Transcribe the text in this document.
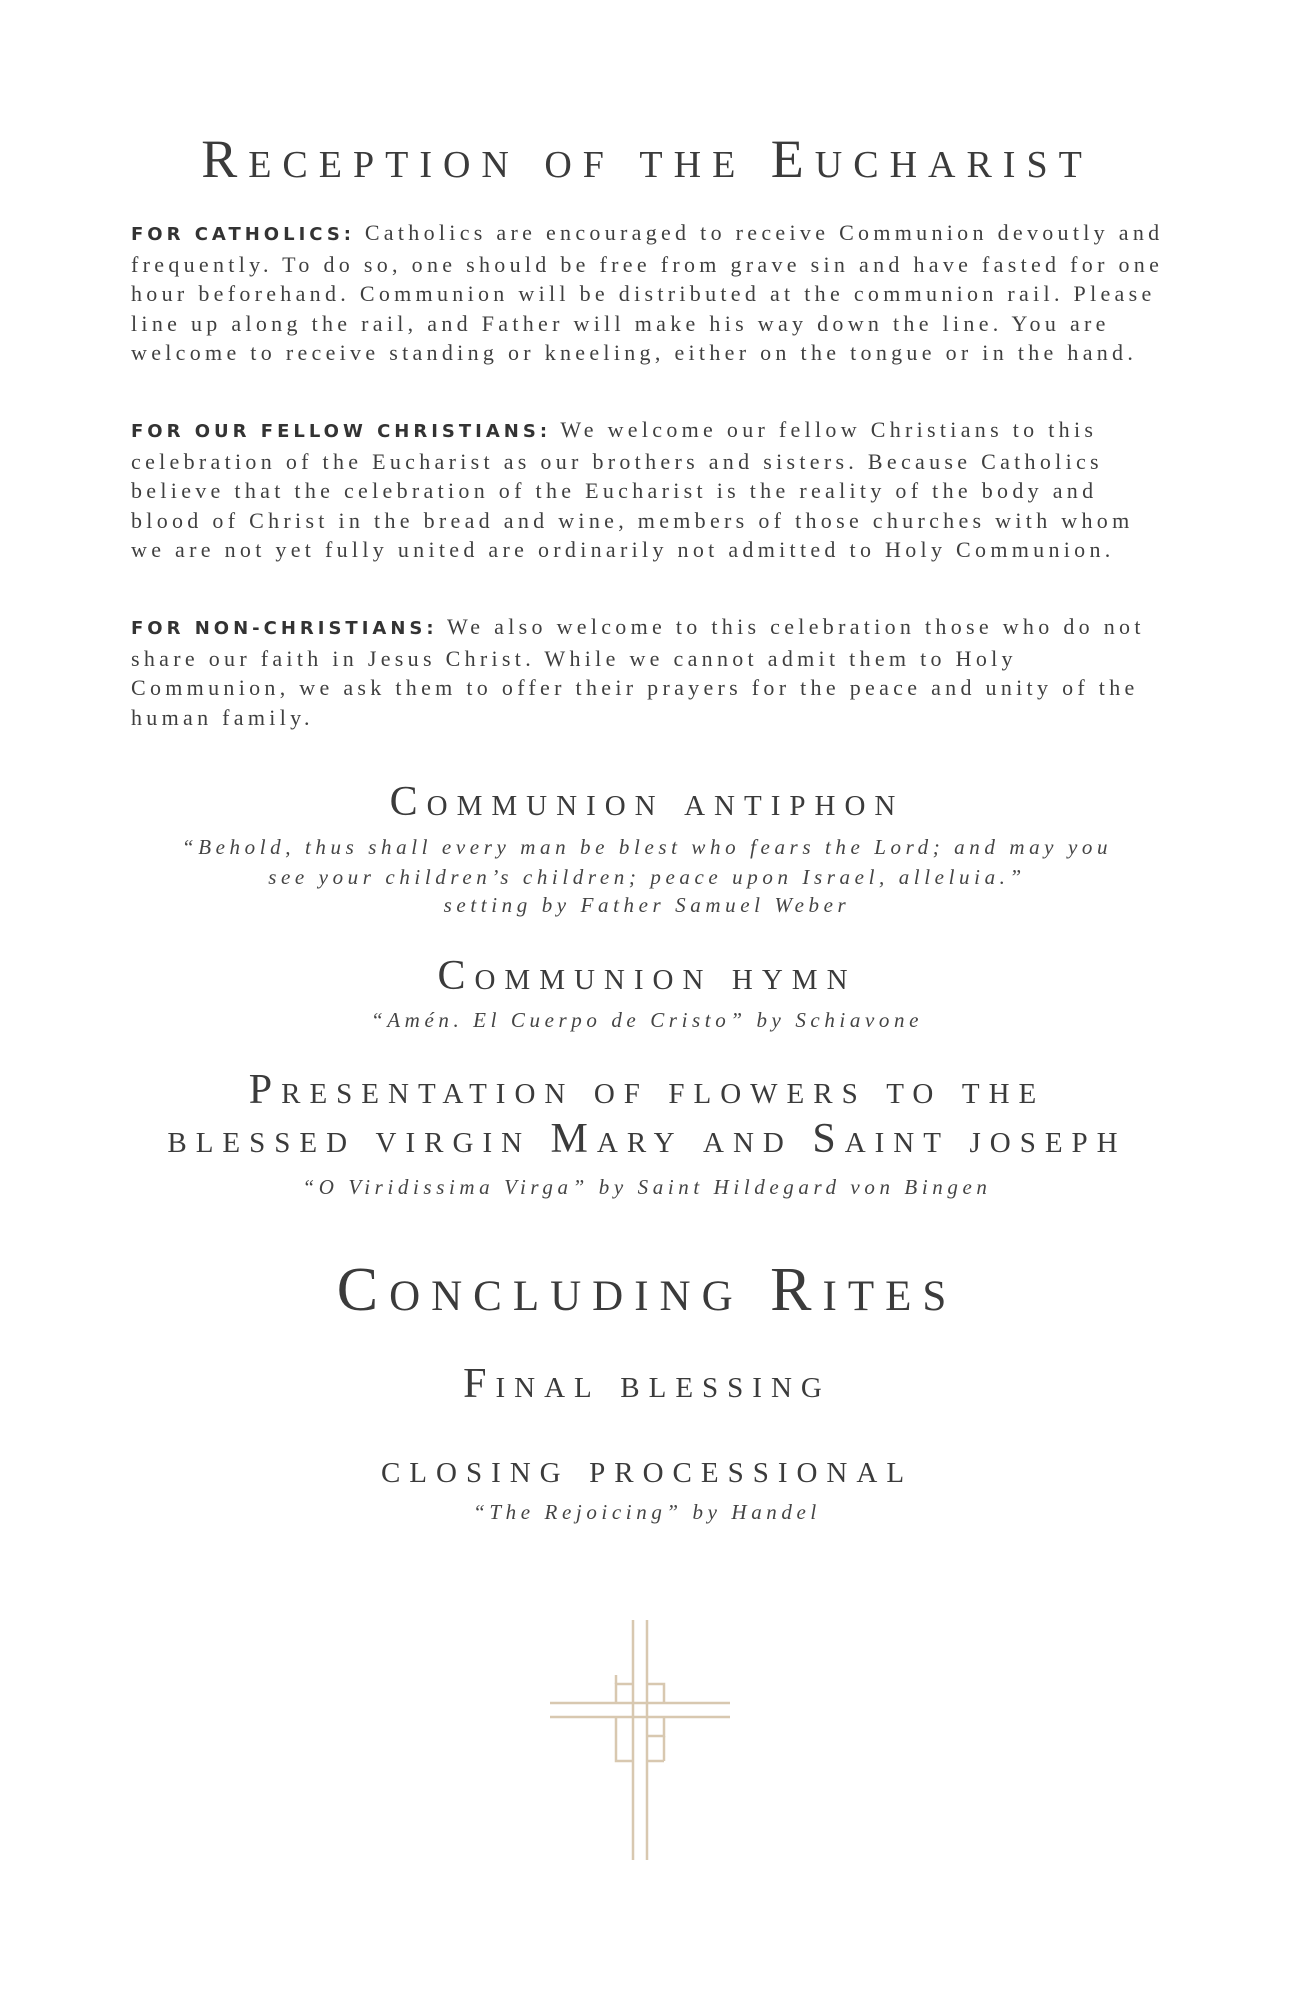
Reception of the Eucharist

FOR CATHOLICS: Catholics are encouraged to receive Communion devoutly and frequently. To do so, one should be free from grave sin and have fasted for one hour beforehand. Communion will be distributed at the communion rail. Please line up along the rail, and Father will make his way down the line. You are welcome to receive standing or kneeling, either on the tongue or in the hand.

FOR OUR FELLOW CHRISTIANS: We welcome our fellow Christians to this celebration of the Eucharist as our brothers and sisters. Because Catholics believe that the celebration of the Eucharist is the reality of the body and blood of Christ in the bread and wine, members of those churches with whom we are not yet fully united are ordinarily not admitted to Holy Communion.

FOR NON-CHRISTIANS: We also welcome to this celebration those who do not share our faith in Jesus Christ. While we cannot admit them to Holy Communion, we ask them to offer their prayers for the peace and unity of the human family.

Communion antiphon

“Behold, thus shall every man be blest who fears the Lord; and may you

see your children’s children; peace upon Israel, alleluia.”

setting by Father Samuel Weber

Communion hymn

“Amén. El Cuerpo de Cristo” by Schiavone

Presentation of flowers to the
blessed virgin Mary and Saint joseph

“O Viridissima Virga” by Saint Hildegard von Bingen

Concluding Rites
Final blessing
closing processional

“The Rejoicing” by Handel
